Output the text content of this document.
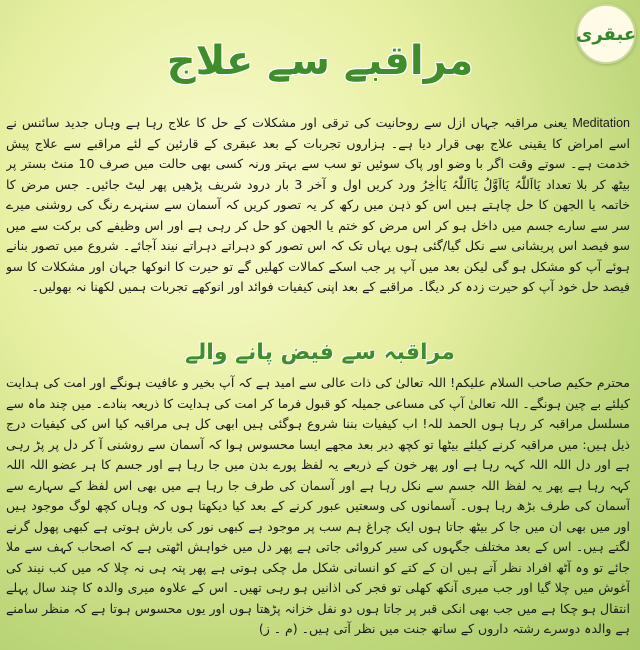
عبقری
مراقبے سے علاج

Meditation یعنی مراقبہ جہاں ازل سے روحانیت کی ترقی اور مشکلات کے حل کا علاج رہا ہے وہاں جدید سائنس نے اسے امراض کا یقینی علاج بھی قرار دیا ہے۔ ہزاروں تجربات کے بعد عبقری کے قارئین کے لئے مراقبے سے علاج پیش خدمت ہے۔ سوتے وقت اگر با وضو اور پاک سوئیں تو سب سے بہتر ورنہ کسی بھی حالت میں صرف 10 منٹ بستر پر بیٹھ کر بلا تعداد یَااَللّٰہُ یَااَوَّلُ یَااَللّٰہُ یَااٰخِرُ ورد کریں اول و آخر 3 بار درود شریف پڑھیں پھر لیٹ جائیں۔ جس مرض کا خاتمہ یا الجھن کا حل چاہتے ہیں اس کو ذہن میں رکھ کر یہ تصور کریں کہ آسمان سے سنہرے رنگ کی روشنی میرے سر سے سارے جسم میں داخل ہو کر اس مرض کو ختم یا الجھن کو حل کر رہی ہے اور اس وظیفے کی برکت سے میں سو فیصد اس پریشانی سے نکل گیا/گئی ہوں یہاں تک کہ اس تصور کو دہراتے دہراتے نیند آجائے۔ شروع میں تصور بنانے ہوئے آپ کو مشکل ہو گی لیکن بعد میں آپ پر جب اسکے کمالات کھلیں گے تو حیرت کا انوکھا جہان اور مشکلات کا سو فیصد حل خود آپ کو حیرت زدہ کر دیگا۔ مراقبے کے بعد اپنی کیفیات فوائد اور انوکھے تجربات ہمیں لکھنا نہ بھولیں۔

مراقبہ سے فیض پانے والے

محترم حکیم صاحب السلام علیکم! اللہ تعالیٰ کی ذات عالی سے امید ہے کہ آپ بخیر و عافیت ہونگے اور امت کی ہدایت کیلئے بے چین ہونگے۔ اللہ تعالیٰ آپ کی مساعی جمیلہ کو قبول فرما کر امت کی ہدایت کا ذریعہ بنادے۔ میں چند ماہ سے مسلسل مراقبہ کر رہا ہوں الحمد للہ! اب کیفیات بننا شروع ہوگئی ہیں ابھی کل ہی مراقبہ کیا اس کی کیفیات درج ذیل ہیں: میں مراقبہ کرنے کیلئے بیٹھا تو کچھ دیر بعد مجھے ایسا محسوس ہوا کہ آسمان سے روشنی آ کر دل پر پڑ رہی ہے اور دل اللہ اللہ کہہ رہا ہے اور پھر خون کے ذریعے یہ لفظ پورے بدن میں جا رہا ہے اور جسم کا ہر عضو اللہ اللہ کہہ رہا ہے پھر یہ لفظ اللہ جسم سے نکل رہا ہے اور آسمان کی طرف جا رہا ہے میں بھی اس لفظ کے سہارے سے آسمان کی طرف بڑھ رہا ہوں۔ آسمانوں کی وسعتیں عبور کرنے کے بعد کیا دیکھتا ہوں کہ وہاں کچھ لوگ موجود ہیں اور میں بھی ان میں جا کر بیٹھ جاتا ہوں ایک چراغ ہم سب پر موجود ہے کبھی نور کی بارش ہوتی ہے کبھی پھول گرنے لگتے ہیں۔ اس کے بعد مختلف جگہوں کی سیر کروائی جاتی ہے پھر دل میں خواہش اٹھتی ہے کہ اصحاب کہف سے ملا جائے تو وہ آٹھ افراد نظر آتے ہیں ان کے کتے کو انسانی شکل مل چکی ہوتی ہے پھر پتہ ہی نہ چلا کہ میں کب نیند کی آغوش میں چلا گیا اور جب میری آنکھ کھلی تو فجر کی اذانیں ہو رہی تھیں۔ اس کے علاوہ میری والدہ کا چند سال پہلے انتقال ہو چکا ہے میں جب بھی انکی قبر پر جاتا ہوں دو نفل خزانہ پڑھتا ہوں اور یوں محسوس ہوتا ہے کہ منظر سامنے ہے والدہ دوسرے رشتہ داروں کے ساتھ جنت میں نظر آتی ہیں۔ (م ۔ ز)
